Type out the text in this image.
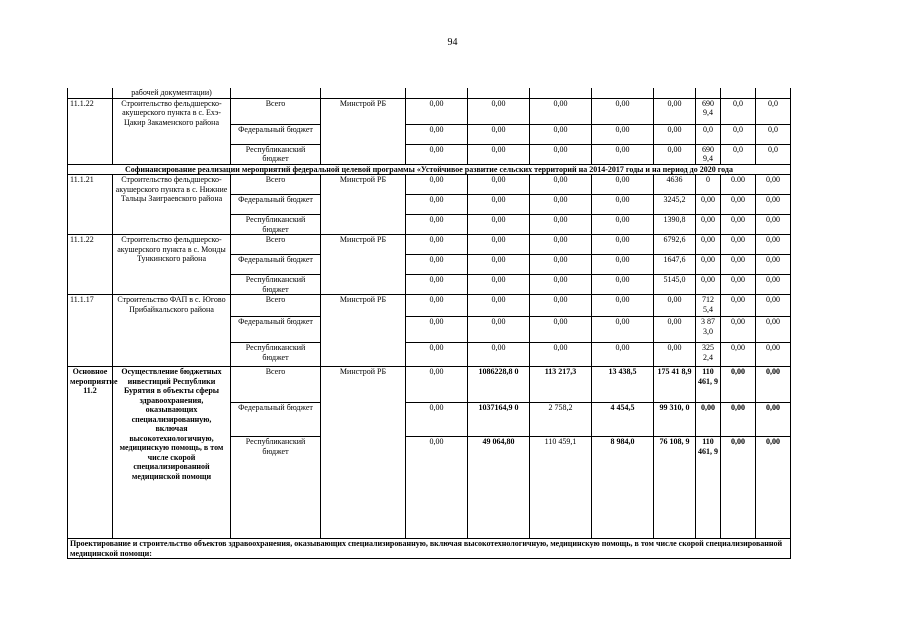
94
	рабочей документации)										
11.1.22	Строительство фельдшерско-акушерского пункта в с. Ехэ-Цакир Закаменского района	Всего	Минстрой РБ	0,00	0,00	0,00	0,00	0,00	690 9,4	0,0	0,0
		Федеральный бюджет		0,00	0,00	0,00	0,00	0,00	0,0	0,0	0,0
		Республиканский бюджет		0,00	0,00	0,00	0,00	0,00	690 9,4	0,0	0,0
Софинансирование реализации мероприятий федеральной целевой программы «Устойчивое развитие сельских территорий на 2014-2017 годы и на период до 2020 года											
11.1.21	Строительство фельдшерско-акушерского пункта в с. Нижние Тальцы Заиграевского района	Всего	Минстрой РБ	0,00	0,00	0,00	0,00	4636	0	0.00	0,00
		Федеральный бюджет		0,00	0,00	0,00	0,00	3245,2	0,00	0,00	0,00
		Республиканский бюджет		0,00	0,00	0,00	0,00	1390,8	0,00	0,00	0,00
11.1.22	Строительство фельдшерско-акушерского пункта в с. Монды Тункинского района	Всего	Минстрой РБ	0,00	0,00	0,00	0,00	6792,6	0,00	0,00	0,00
		Федеральный бюджет		0,00	0,00	0,00	0,00	1647,6	0,00	0,00	0,00
		Республиканский бюджет		0,00	0,00	0,00	0,00	5145,0	0,00	0,00	0,00
11.1.17	Строительство ФАП в с. Югово Прибайкальского района	Всего	Минстрой РБ	0,00	0,00	0,00	0,00	0,00	712 5,4	0,00	0,00
		Федеральный бюджет		0,00	0,00	0,00	0,00	0,00	3 87 3,0	0,00	0,00
		Республиканский бюджет		0,00	0,00	0,00	0,00	0,00	325 2,4	0,00	0,00
Основное мероприятие 11.2	Осуществление бюджетных инвестиций Республики Бурятия в объекты сферы здравоохранения, оказывающих специализированную, включая высокотехнологичную, медицинскую помощь, в том числе скорой специализированной медицинской помощи	Всего	Минстрой РБ	0,00	1086228,8 0	113 217,3	13 438,5	175 41 8,9	110 461, 9	0,00	0,00
		Федеральный бюджет		0,00	1037164,9 0	2 758,2	4 454,5	99 310, 0	0,00	0,00	0,00
		Республиканский бюджет		0,00	49 064,80	110 459,1	8 984,0	76 108, 9	110 461, 9	0,00	0,00
Проектирование и строительство объектов здравоохранения, оказывающих специализированную, включая высокотехнологичную, медицинскую помощь, в том числе скорой специализированной медицинской помощи:											
